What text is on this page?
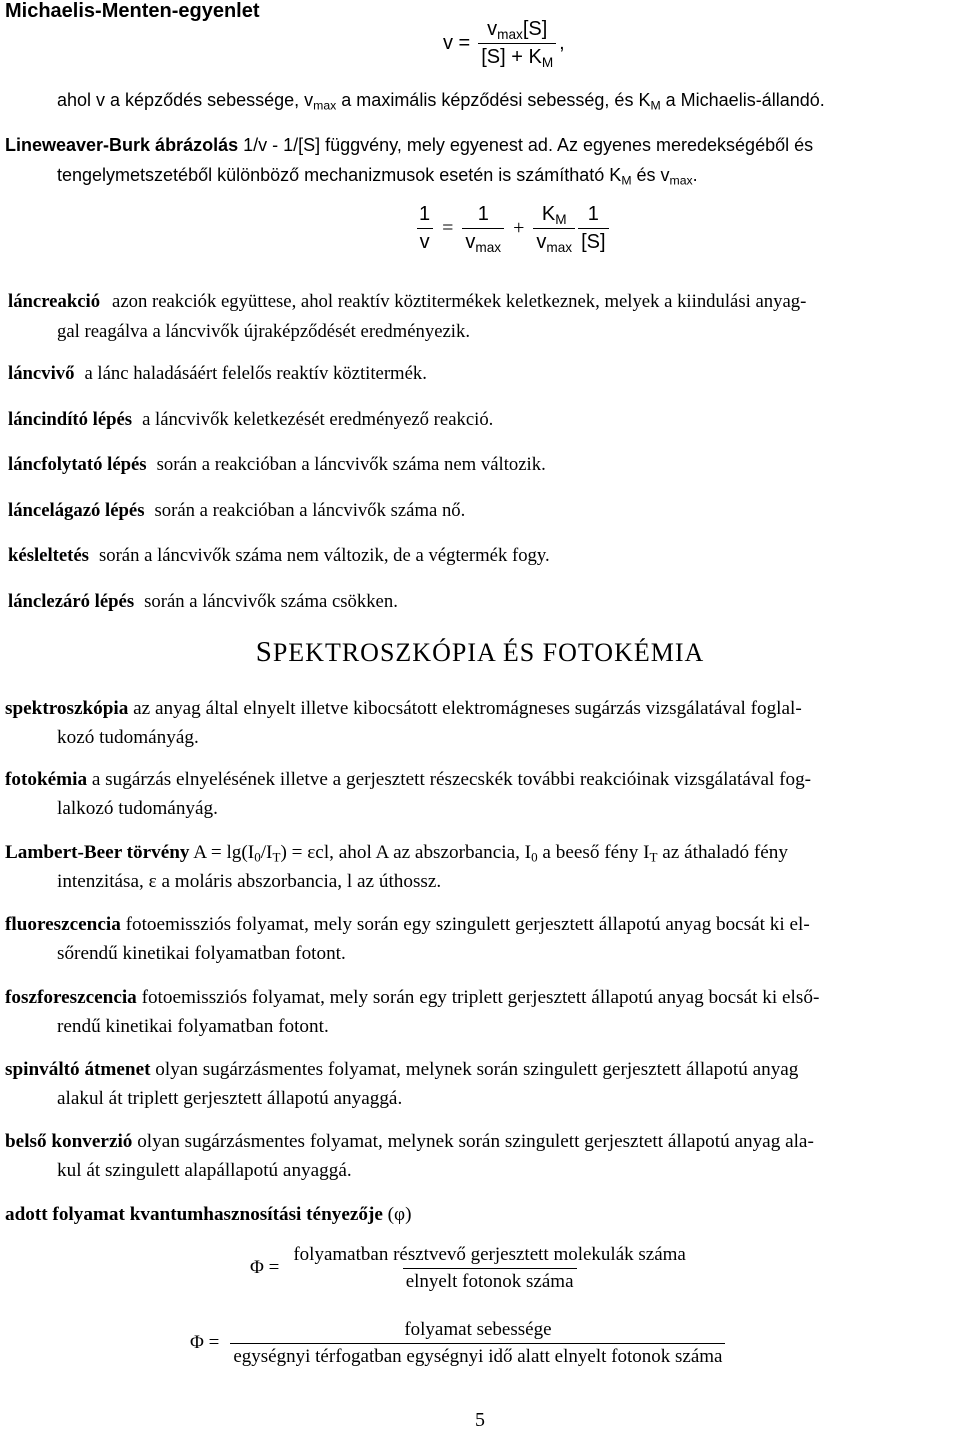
Michaelis-Menten-egyenlet
$v = \frac{v_{max}[S]}{[S] + K_M}$ ,
ahol v a képződés sebessége, $v_{max}$ a maximális képződési sebesség, és $K_M$ a Michaelis-állandó.
Lineweaver-Burk ábrázolás 1/v - 1/[S] függvény, mely egyenest ad. Az egyenes meredekségéből és
tengelymetszetéből különböző mechanizmusok esetén is számítható $K_M$ és $v_{max}$.
$\frac{1}{v} = \frac{1}{v_{max}} + \frac{K_M}{v_{max}} \frac{1}{[S]}$
láncreakció azon reakciók együttese, ahol reaktív köztitermékek keletkeznek, melyek a kiindulási anyag-
gal reagálva a láncvivők újraképződését eredményezik.
láncvivő a lánc haladásáért felelős reaktív köztitermék.
láncindító lépés a láncvivők keletkezését eredményező reakció.
láncfolytató lépés során a reakcióban a láncvivők száma nem változik.
láncelágazó lépés során a reakcióban a láncvivők száma nő.
késleltetés során a láncvivők száma nem változik, de a végtermék fogy.
lánclezáró lépés során a láncvivők száma csökken.
SPEKTROSZKÓPIA ÉS FOTOKÉMIA
spektroszkópia az anyag által elnyelt illetve kibocsátott elektromágneses sugárzás vizsgálatával foglal-
kozó tudományág.
fotokémia a sugárzás elnyelésének illetve a gerjesztett részecskék további reakcióinak vizsgálatával fog-
lalkozó tudományág.
Lambert-Beer törvény $A = \lg(I_0/I_T) = \varepsilon cl$, ahol A az abszorbancia, $I_0$ a beeső fény $I_T$ az áthaladó fény
intenzitása, ε a moláris abszorbancia, l az úthossz.
fluoreszcencia fotoemissziós folyamat, mely során egy szingulett gerjesztett állapotú anyag bocsát ki el-
sőrendű kinetikai folyamatban fotont.
foszforeszcencia fotoemissziós folyamat, mely során egy triplett gerjesztett állapotú anyag bocsát ki első-
rendű kinetikai folyamatban fotont.
spinváltó átmenet olyan sugárzásmentes folyamat, melynek során szingulett gerjesztett állapotú anyag
alakul át triplett gerjesztett állapotú anyaggá.
belső konverzió olyan sugárzásmentes folyamat, melynek során szingulett gerjesztett állapotú anyag ala-
kul át szingulett alapállapotú anyaggá.
adott folyamat kvantumhasznosítási tényezője (φ)
$\Phi = \frac{\text{folyamatban résztvevő gerjesztett molekulák száma}}{\text{elnyelt fotonok száma}}$
Φ =
folyamat sebessége
egységnyi térfogatban egységnyi idő alatt elnyelt fotonok száma
5
